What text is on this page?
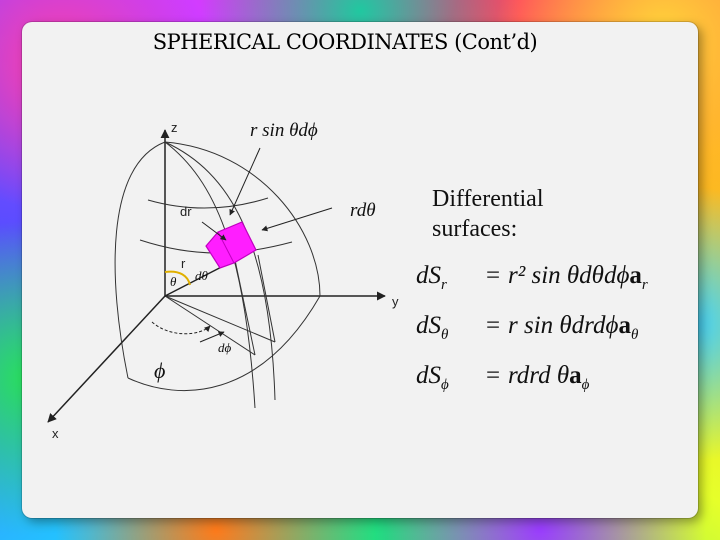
SPHERICAL COORDINATES (Cont’d)
z
y
x
dr
r
θ dθ
rdθ
r sin θdϕ
dϕ
ϕ
Differential surfaces:
$dS_r$	= r² sin θdθdϕa$_r$
$dS_\theta$	= r sin θdrdϕa$_\theta$
$dS_\phi$	= rdrd $\theta a_\phi$
